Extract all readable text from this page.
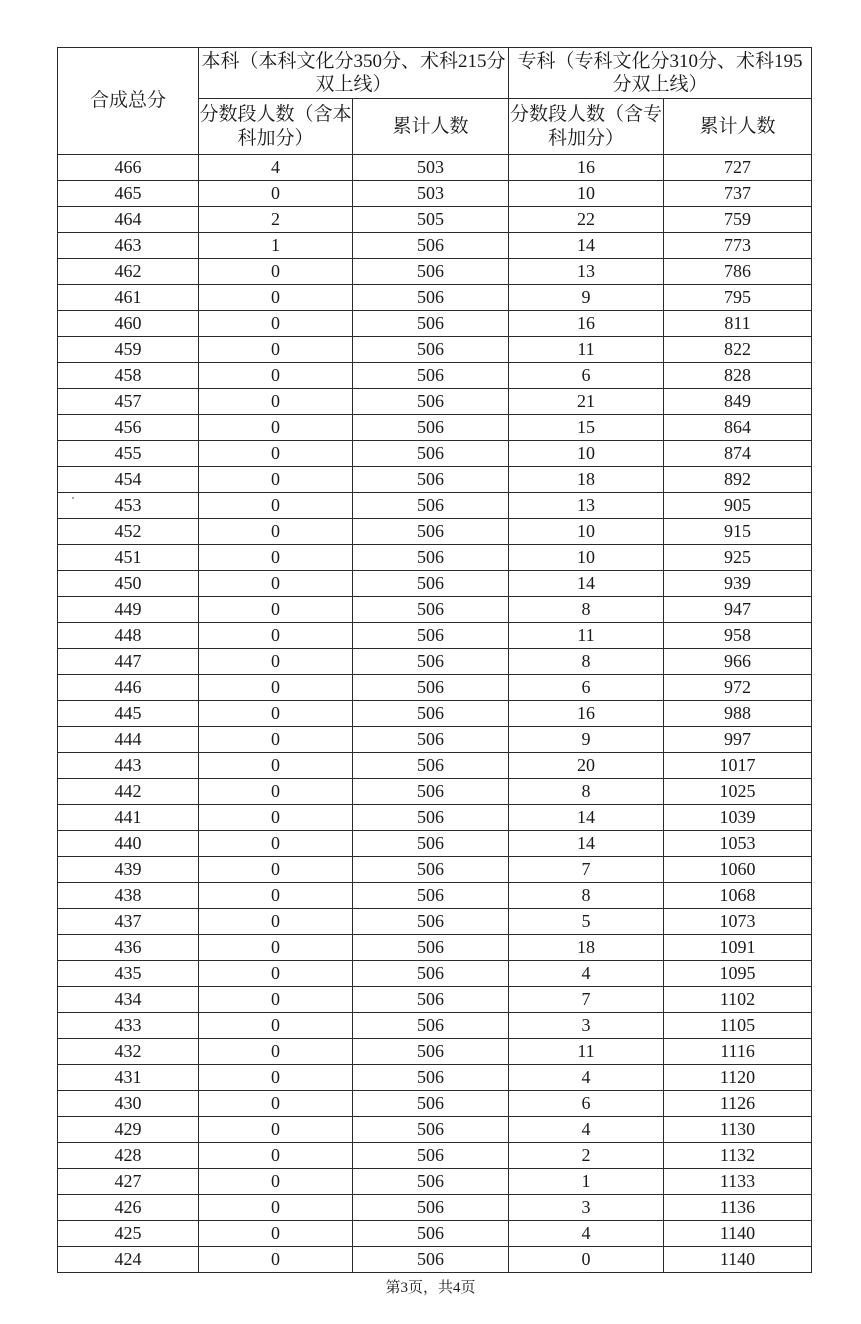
合成总分	本科（本科文化分350分、术科215分双上线）		专科（专科文化分310分、术科195分双上线）	
	分数段人数（含本科加分）	累计人数	分数段人数（含专科加分）	累计人数
466	4	503	16	727
465	0	503	10	737
464	2	505	22	759
463	1	506	14	773
462	0	506	13	786
461	0	506	9	795
460	0	506	16	811
459	0	506	11	822
458	0	506	6	828
457	0	506	21	849
456	0	506	15	864
455	0	506	10	874
454	0	506	18	892
453	0	506	13	905
452	0	506	10	915
451	0	506	10	925
450	0	506	14	939
449	0	506	8	947
448	0	506	11	958
447	0	506	8	966
446	0	506	6	972
445	0	506	16	988
444	0	506	9	997
443	0	506	20	1017
442	0	506	8	1025
441	0	506	14	1039
440	0	506	14	1053
439	0	506	7	1060
438	0	506	8	1068
437	0	506	5	1073
436	0	506	18	1091
435	0	506	4	1095
434	0	506	7	1102
433	0	506	3	1105
432	0	506	11	1116
431	0	506	4	1120
430	0	506	6	1126
429	0	506	4	1130
428	0	506	2	1132
427	0	506	1	1133
426	0	506	3	1136
425	0	506	4	1140
424	0	506	0	1140
第3页，共4页
